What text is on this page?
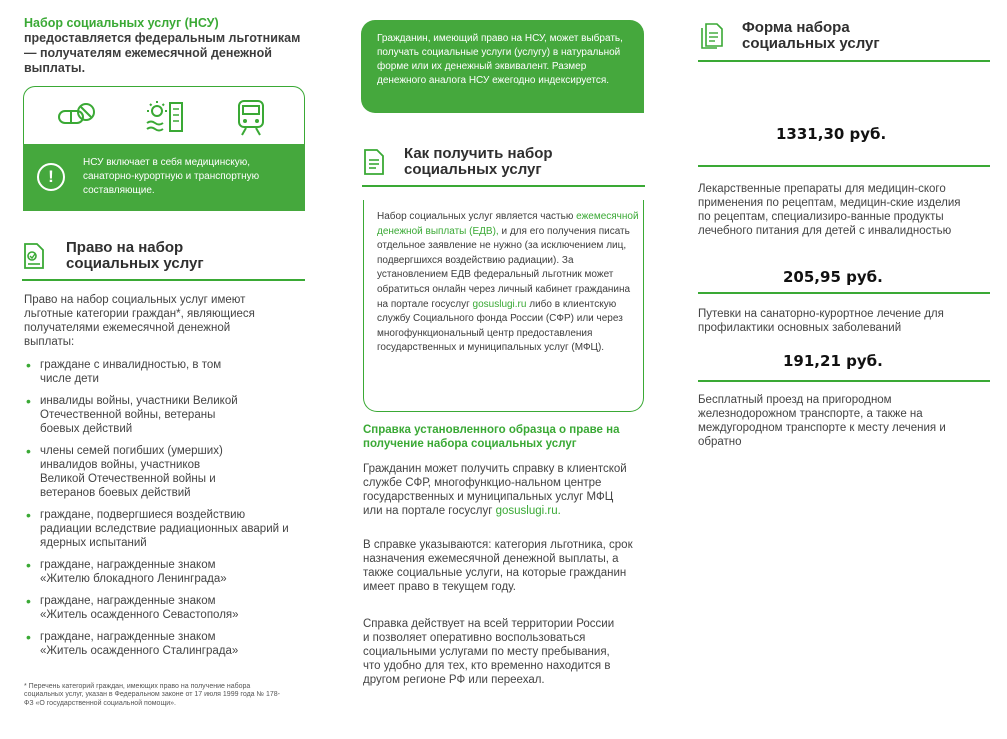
Набор социальных услуг (НСУ)
предоставляется федеральным льготникам — получателям ежемесячной денежной выплаты.
!
НСУ включает в себя медицинскую, санаторно-курортную и транспортную составляющие.
Право на набор социальных услуг
Право на набор социальных услуг имеют льготные категории граждан*, являющиеся получателями ежемесячной денежной выплаты:
• граждане с инвалидностью, в том числе дети
• инвалиды войны, участники Великой Отечественной войны, ветераны боевых действий
• члены семей погибших (умерших) инвалидов войны, участников Великой Отечественной войны и ветеранов боевых действий
• граждане, подвергшиеся воздействию радиации вследствие радиационных аварий и ядерных испытаний
• граждане, награжденные знаком «Жителю блокадного Ленинграда»
• граждане, награжденные знаком «Житель осажденного Севастополя»
• граждане, награжденные знаком «Житель осажденного Сталинграда»
* Перечень категорий граждан, имеющих право на получение набора социальных услуг, указан в Федеральном законе от 17 июля 1999 года № 178-ФЗ «О государственной социальной помощи».
Гражданин, имеющий право на НСУ, может выбрать, получать социальные услуги (услугу) в натуральной форме или их денежный эквивалент. Размер денежного аналога НСУ ежегодно индексируется.
Как получить набор социальных услуг
Набор социальных услуг является частью ежемесячной денежной выплаты (ЕДВ), и для его получения писать отдельное заявление не нужно (за исключением лиц, подвергшихся воздействию радиации). За установлением ЕДВ федеральный льготник может обратиться онлайн через личный кабинет гражданина на портале госуслуг gosuslugi.ru либо в клиентскую службу Социального фонда России (СФР) или через многофункциональный центр предоставления государственных и муниципальных услуг (МФЦ).
Справка установленного образца о праве на получение набора социальных услуг
Гражданин может получить справку в клиентской службе СФР, многофункцио-нальном центре государственных и муниципальных услуг МФЦ или на портале госуслуг gosuslugi.ru.
В справке указываются: категория льготника, срок назначения ежемесячной денежной выплаты, а также социальные услуги, на которые гражданин имеет право в текущем году.
Справка действует на всей территории России и позволяет оперативно воспользоваться социальными услугами по месту пребывания, что удобно для тех, кто временно находится в другом регионе РФ или переехал.
Форма набора социальных услуг
1331,30 руб.
Лекарственные препараты для медицин-ского применения по рецептам, медицин-ские изделия по рецептам, специализиро-ванные продукты лечебного питания для детей с инвалидностью
205,95 руб.
Путевки на санаторно-курортное лечение для профилактики основных заболеваний
191,21 руб.
Бесплатный проезд на пригородном железнодорожном транспорте, а также на междугородном транспорте к месту лечения и обратно
